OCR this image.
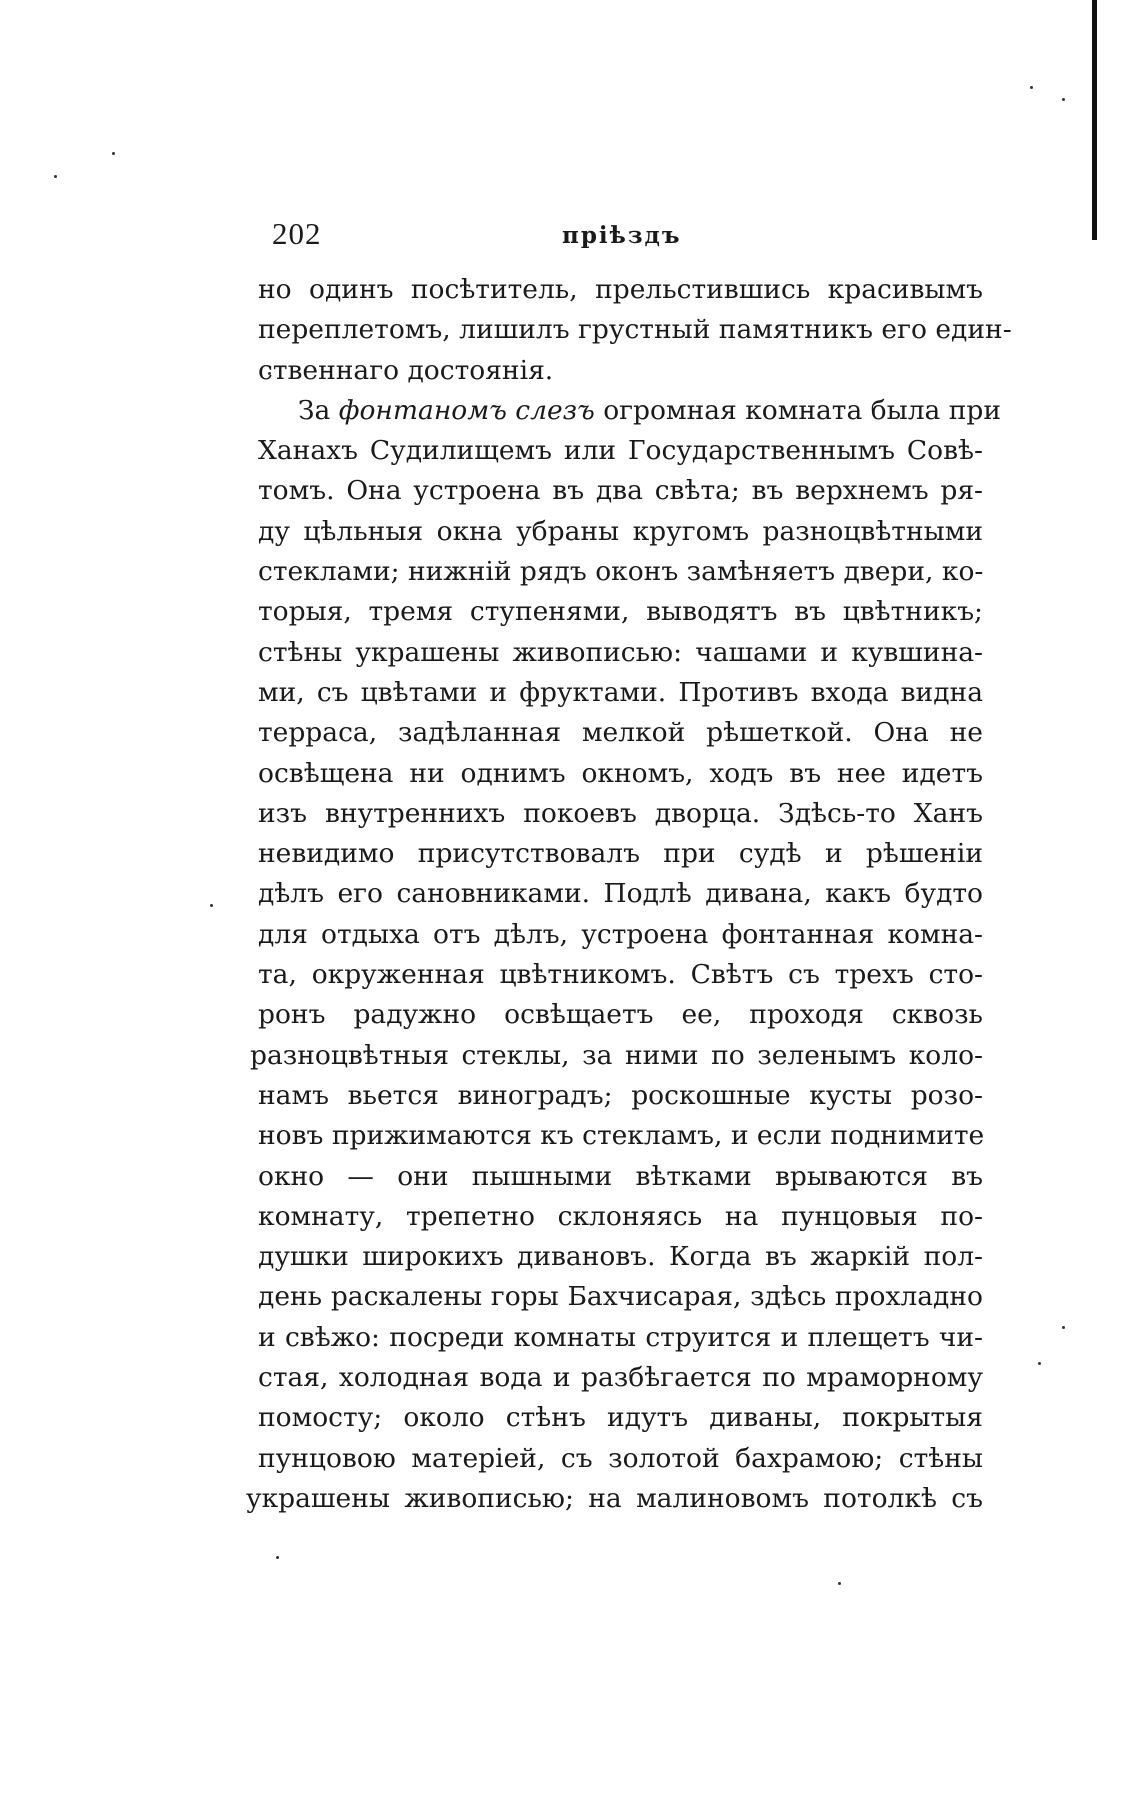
202	пріѣздъ
но одинъ посѣтитель, прельстившись красивымъ
переплетомъ, лишилъ грустный памятникъ его един-
ственнаго достоянія.
За фонтаномъ слезъ огромная комната была при
Ханахъ Судилищемъ или Государственнымъ Совѣ-
томъ. Она устроена въ два свѣта; въ верхнемъ ря-
ду цѣльныя окна убраны кругомъ разноцвѣтными
стеклами; нижній рядъ оконъ замѣняетъ двери, ко-
торыя, тремя ступенями, выводятъ въ цвѣтникъ;
стѣны украшены живописью: чашами и кувшина-
ми, съ цвѣтами и фруктами. Противъ входа видна
терраса, задѣланная мелкой рѣшеткой. Она не
освѣщена ни однимъ окномъ, ходъ въ нее идетъ
изъ внутреннихъ покоевъ дворца. Здѣсь-то Ханъ
невидимо присутствовалъ при судѣ и рѣшеніи
дѣлъ его сановниками. Подлѣ дивана, какъ будто
для отдыха отъ дѣлъ, устроена фонтанная комна-
та, окруженная цвѣтникомъ. Свѣтъ съ трехъ сто-
ронъ радужно освѣщаетъ ее, проходя сквозь
разноцвѣтныя стеклы, за ними по зеленымъ коло-
намъ вьется виноградъ; роскошные кусты розо-
новъ прижимаются къ стекламъ, и если поднимите
окно — они пышными вѣтками врываются въ
комнату, трепетно склоняясь на пунцовыя по-
душки широкихъ дивановъ. Когда въ жаркій пол-
день раскалены горы Бахчисарая, здѣсь прохладно
и свѣжо: посреди комнаты струится и плещетъ чи-
стая, холодная вода и разбѣгается по мраморному
помосту; около стѣнъ идутъ диваны, покрытыя
пунцовою матеріей, съ золотой бахрамою; стѣны
украшены живописью; на малиновомъ потолкѣ съ
